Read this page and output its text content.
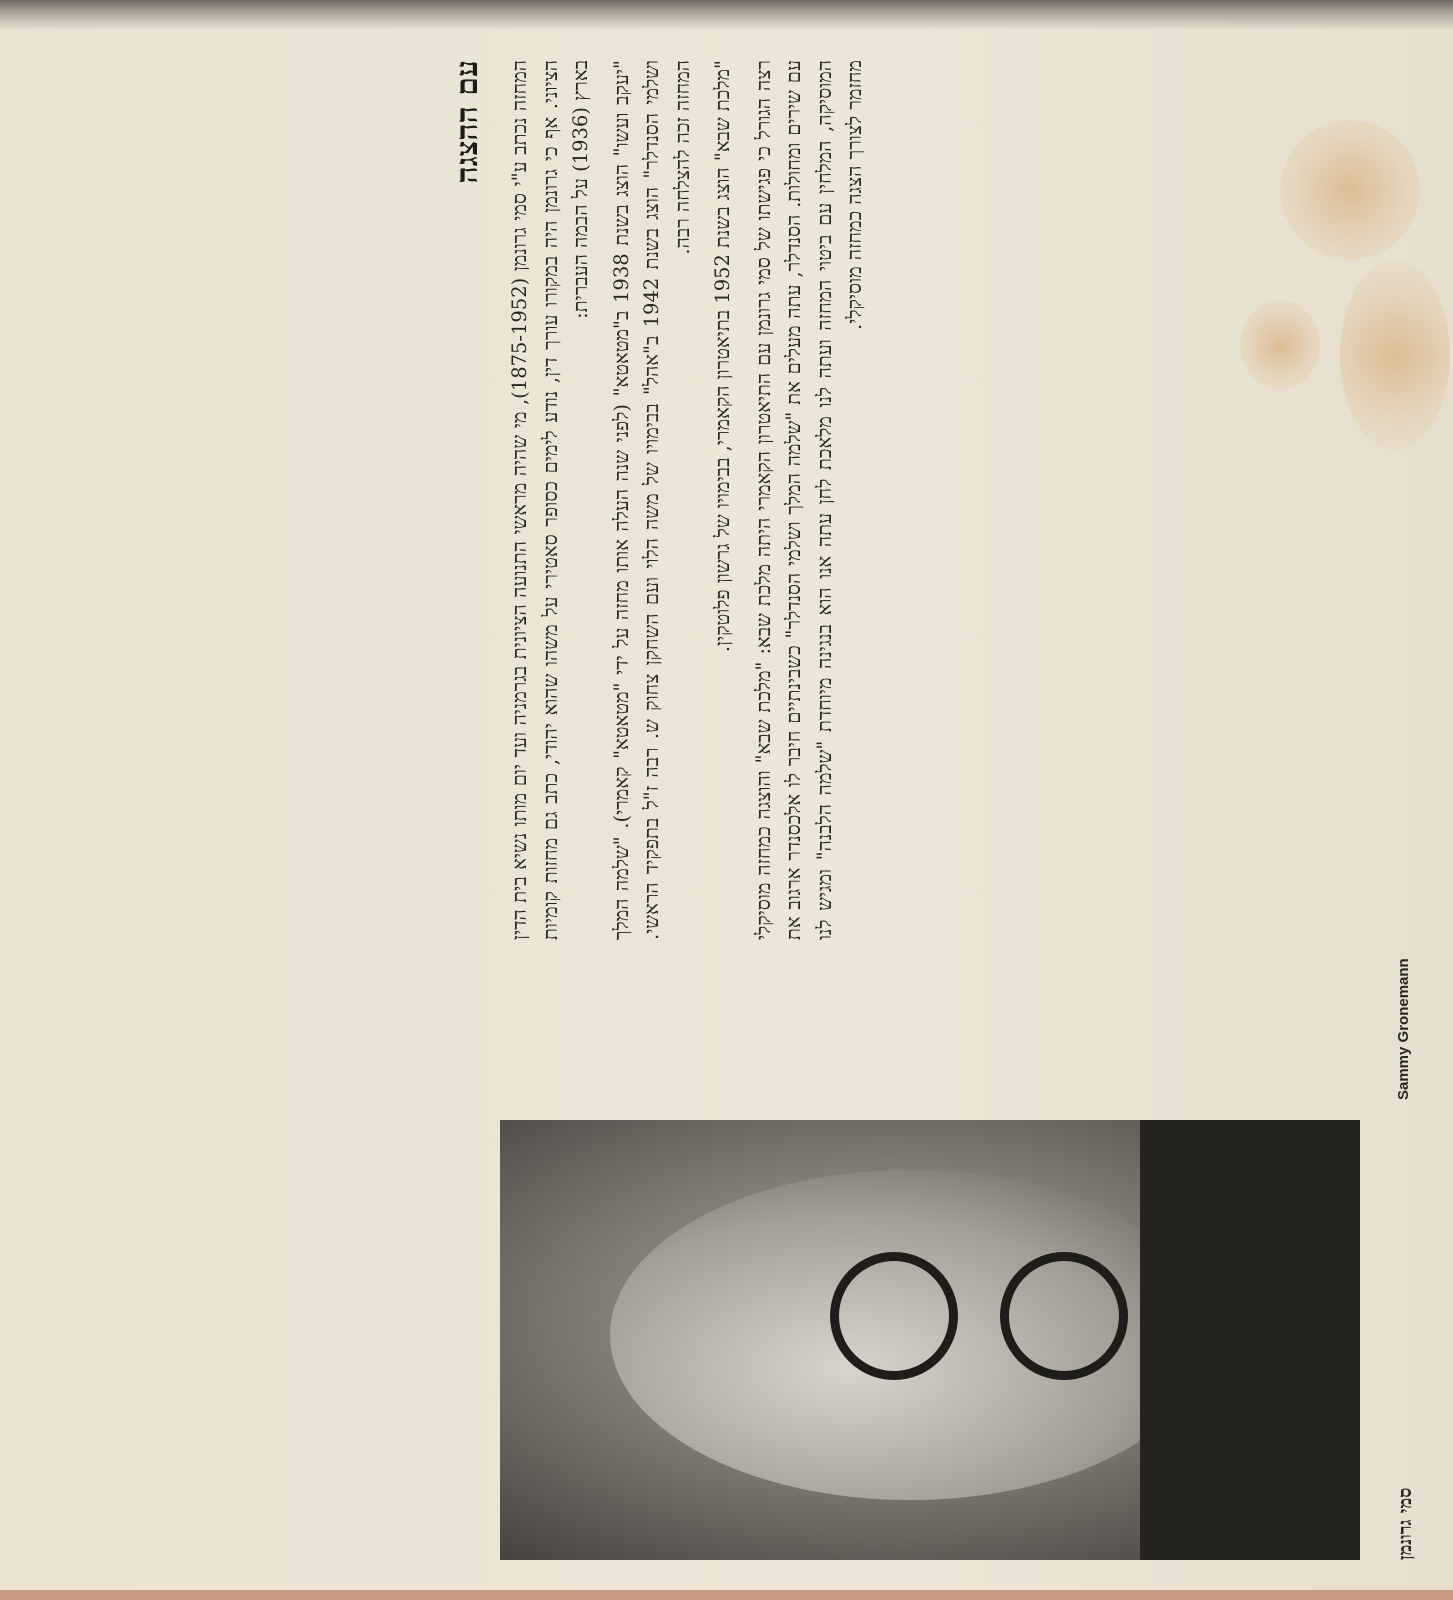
Sammy Gronemann
סמי גרונמן
עם ההצגה

המחזה נכתב ע"י סמי גרונמן (1875-1952), מי שהיה מראשי התנועה הציונית בגרמניה ועד יום מותו נשיא בית הדין הציוני. אף כי גרונמן היה במקורו עורך דין, נודע לימים כסופר סאטירי על משהו שהוא יהודי, כתב גם מחזות קומיות בארץ (1936) על הבמה העברית:

"יעקב ועשו" הוצג בשנת 1938 ב"מטאטא" (לפני שנה העלה אותו מחזה על ידי "מטאטא" קאמרי). "שלמה המלך ושלמי הסנדלר" הוצג בשנת 1942 ב"אהל" בבימויו של משה הלוי ועם השחקן צחוק ש. רבה ז"ל בתפקיד הראשי. המחזה זכה להצלחה רבה.

"מלכת שבא" הוצג בשנת 1952 בתיאטרון הקאמרי, בבימויו של גרשון פלוטקין. רצה הגורל כי פגישתו של סמי גרונמן עם התיאטרון הקאמרי היתה מלכת שבא: "מלכת שבא" והוצגה כמחזה מוסיקלי עם שירים ומחולות. הסנדלר, עתה מעלים את "שלמה המלך ושלמי הסנדלר" כשבינתיים חיבר לו אלכסנדר ארגוב את המוסיקה, המלחין עם ביטוי המחזה ועתה לנו מלאכת לחן עתה אנו הוא בנגינה מיוחדת "שלמה הלבנה" ומגיש לנו מחזמר לצורך הצגה כמחזה מוסיקלי.
